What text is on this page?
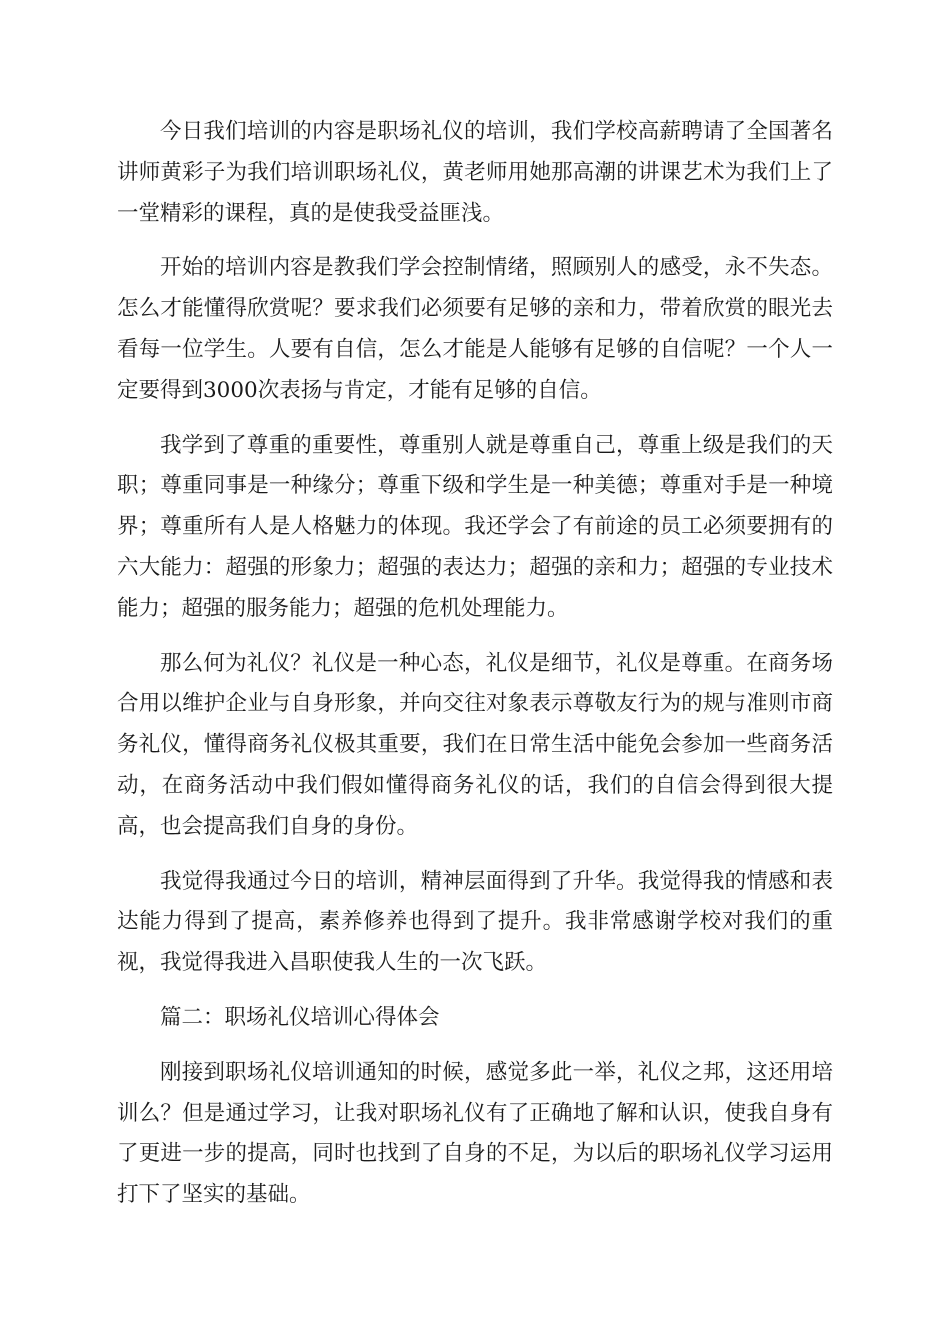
今日我们培训的内容是职场礼仪的培训，我们学校高薪聘请了全国著名讲师黄彩子为我们培训职场礼仪，黄老师用她那高潮的讲课艺术为我们上了一堂精彩的课程，真的是使我受益匪浅。

开始的培训内容是教我们学会控制情绪，照顾别人的感受，永不失态。怎么才能懂得欣赏呢？要求我们必须要有足够的亲和力，带着欣赏的眼光去看每一位学生。人要有自信，怎么才能是人能够有足够的自信呢？一个人一定要得到3000次表扬与肯定，才能有足够的自信。

我学到了尊重的重要性，尊重别人就是尊重自己，尊重上级是我们的天职；尊重同事是一种缘分；尊重下级和学生是一种美德；尊重对手是一种境界；尊重所有人是人格魅力的体现。我还学会了有前途的员工必须要拥有的六大能力：超强的形象力；超强的表达力；超强的亲和力；超强的专业技术能力；超强的服务能力；超强的危机处理能力。

那么何为礼仪？礼仪是一种心态，礼仪是细节，礼仪是尊重。在商务场合用以维护企业与自身形象，并向交往对象表示尊敬友行为的规与准则市商务礼仪，懂得商务礼仪极其重要，我们在日常生活中能免会参加一些商务活动，在商务活动中我们假如懂得商务礼仪的话，我们的自信会得到很大提高，也会提高我们自身的身份。

我觉得我通过今日的培训，精神层面得到了升华。我觉得我的情感和表达能力得到了提高，素养修养也得到了提升。我非常感谢学校对我们的重视，我觉得我进入昌职使我人生的一次飞跃。

篇二：职场礼仪培训心得体会

刚接到职场礼仪培训通知的时候，感觉多此一举，礼仪之邦，这还用培训么？但是通过学习，让我对职场礼仪有了正确地了解和认识，使我自身有了更进一步的提高，同时也找到了自身的不足，为以后的职场礼仪学习运用打下了坚实的基础。
